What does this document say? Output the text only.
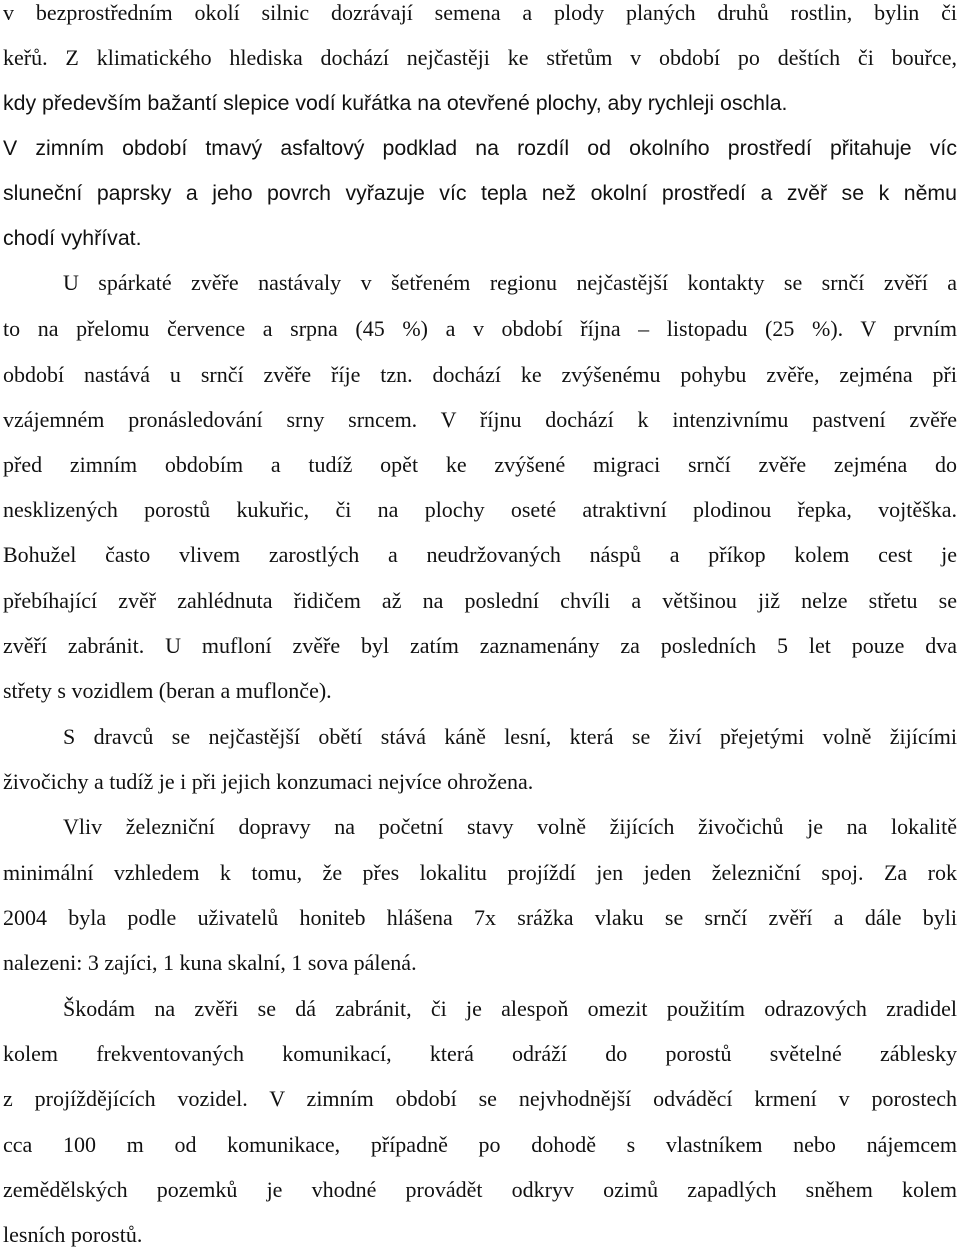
v bezprostředním okolí silnic dozrávají semena a plody planých druhů rostlin, bylin či
keřů. Z klimatického hlediska dochází nejčastěji ke střetům v období po deštích či bouřce,
kdy především bažantí slepice vodí kuřátka na otevřené plochy, aby rychleji oschla.
V zimním období tmavý asfaltový podklad na rozdíl od okolního prostředí přitahuje víc
sluneční paprsky a jeho povrch vyřazuje víc tepla než okolní prostředí a zvěř se k němu
chodí vyhřívat.
U spárkaté zvěře nastávaly v šetřeném regionu nejčastější kontakty se srnčí zvěří a
to na přelomu července a srpna (45 %) a v období října – listopadu (25 %). V prvním
období nastává u srnčí zvěře říje tzn. dochází ke zvýšenému pohybu zvěře, zejména při
vzájemném pronásledování srny srncem. V říjnu dochází k intenzivnímu pastvení zvěře
před zimním obdobím a tudíž opět ke zvýšené migraci srnčí zvěře zejména do
nesklizených porostů kukuřic, či na plochy oseté atraktivní plodinou řepka, vojtěška.
Bohužel často vlivem zarostlých a neudržovaných náspů a příkop kolem cest je
přebíhající zvěř zahlédnuta řidičem až na poslední chvíli a většinou již nelze střetu se
zvěří zabránit. U mufloní zvěře byl zatím zaznamenány za posledních 5 let pouze dva
střety s vozidlem (beran a muflonče).
S dravců se nejčastější obětí stává káně lesní, která se živí přejetými volně žijícími
živočichy a tudíž je i při jejich konzumaci nejvíce ohrožena.
Vliv železniční dopravy na početní stavy volně žijících živočichů je na lokalitě
minimální vzhledem k tomu, že přes lokalitu projíždí jen jeden železniční spoj. Za rok
2004 byla podle uživatelů honiteb hlášena 7x srážka vlaku se srnčí zvěří a dále byli
nalezeni: 3 zajíci, 1 kuna skalní, 1 sova pálená.
Škodám na zvěři se dá zabránit, či je alespoň omezit použitím odrazových zradidel
kolem frekventovaných komunikací, která odráží do porostů světelné záblesky
z projíždějících vozidel. V zimním období se nejvhodnější odváděcí krmení v porostech
cca 100 m od komunikace, případně po dohodě s vlastníkem nebo nájemcem
zemědělských pozemků je vhodné provádět odkryv ozimů zapadlých sněhem kolem
lesních porostů.
